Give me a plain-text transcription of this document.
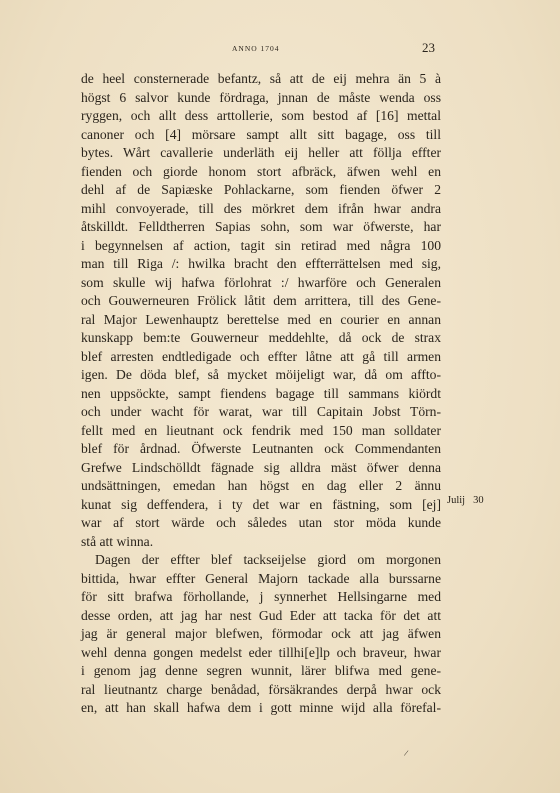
ANNO 1704	23
de heel consternerade befantz, så att de eij mehra än 5 à
högst 6 salvor kunde fördraga, jnnan de måste wenda oss
ryggen, och allt dess arttollerie, som bestod af [16] mettal
canoner och [4] mörsare sampt allt sitt bagage, oss till
bytes. Wårt cavallerie underläth eij heller att föllja effter
fienden och giorde honom stort afbräck, äfwen wehl en
dehl af de Sapiæske Pohlackarne, som fienden öfwer 2
mihl convoyerade, till des mörkret dem ifrån hwar andra
åtskilldt. Felldtherren Sapias sohn, som war öfwerste, har
i begynnelsen af action, tagit sin retirad med några 100
man till Riga /: hwilka bracht den effterrättelsen med sig,
som skulle wij hafwa förlohrat :/ hwarföre och Generalen
och Gouwerneuren Frölick låtit dem arrittera, till des Gene-
ral Major Lewenhauptz berettelse med en courier en annan
kunskapp bem:te Gouwerneur meddehlte, då ock de strax
blef arresten endtledigade och effter låtne att gå till armen
igen. De döda blef, så mycket möijeligt war, då om affto-
nen uppsöckte, sampt fiendens bagage till sammans kiördt
och under wacht för warat, war till Capitain Jobst Törn-
fellt med en lieutnant ock fendrik med 150 man solldater
blef för årdnad. Öfwerste Leutnanten ock Commendanten
Grefwe Lindschölldt fägnade sig alldra mäst öfwer denna
undsättningen, emedan han högst en dag eller 2 ännu
kunat sig deffendera, i ty det war en fästning, som [ej]
war af stort wärde och således utan stor möda kunde
stå att winna.
Dagen der effter blef tackseijelse giord om morgonen
bittida, hwar effter General Majorn tackade alla burssarne
för sitt brafwa förhollande, j synnerhet Hellsingarne med
desse orden, att jag har nest Gud Eder att tacka för det att
jag är general major blefwen, förmodar ock att jag äfwen
wehl denna gongen medelst eder tillhi[e]lp och braveur, hwar
i genom jag denne segren wunnit, lärer blifwa med gene-
ral lieutnantz charge benådad, försäkrandes derpå hwar ock
en, att han skall hafwa dem i gott minne wijd alla förefal-
Julij 30
/
